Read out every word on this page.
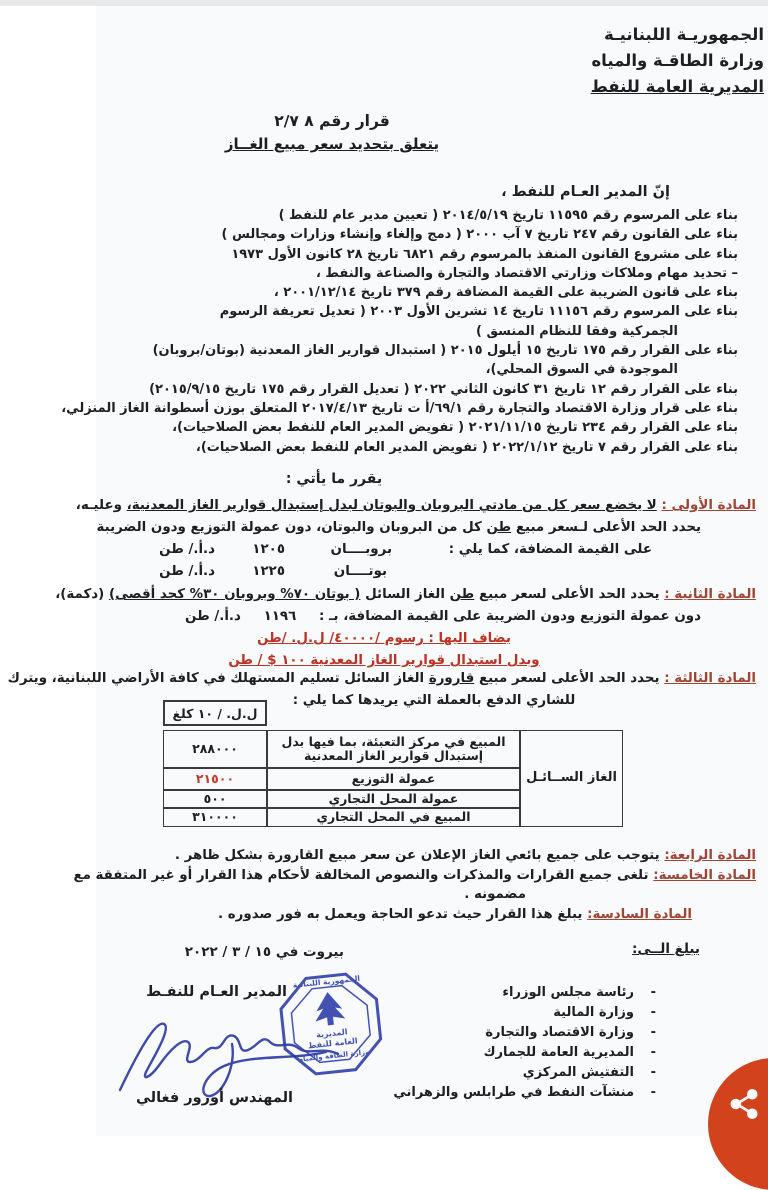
الجمهوريـة اللبنانيـة
وزارة الطاقـة والمياه
المديرية العامة للنفط
قرار رقم ٨ ٢/٧
يتعلق بتحديد سعر مبيع الغــاز
إنّ المدير العـام للنفط ،
بناء على المرسوم رقم ١١٥٩٥ تاريخ ٢٠١٤/٥/١٩ ( تعيين مدير عام للنفط )
بناء على القانون رقم ٢٤٧ تاريخ ٧ آب ٢٠٠٠ ( دمج وإلغاء وإنشاء وزارات ومجالس )
بناء على مشروع القانون المنفذ بالمرسوم رقم ٦٨٢١ تاريخ ٢٨ كانون الأول ١٩٧٣
– تحديد مهام وملاكات وزارتي الاقتصاد والتجارة والصناعة والنفط ،
بناء على قانون الضريبة على القيمة المضافة رقم ٣٧٩ تاريخ ٢٠٠١/١٢/١٤ ،
بناء على المرسوم رقم ١١١٥٦ تاريخ ١٤ تشرين الأول ٢٠٠٣ ( تعديل تعريفة الرسوم
الجمركية وفقا للنظام المنسق )
بناء على القرار رقم ١٧٥ تاريخ ١٥ أيلول ٢٠١٥ ( استبدال قوارير الغاز المعدنية (بوتان/بروبان)
الموجودة في السوق المحلي)،
بناء على القرار رقم ١٢ تاريخ ٣١ كانون الثاني ٢٠٢٢ ( تعديل القرار رقم ١٧٥ تاريخ ٢٠١٥/٩/١٥)
بناء على قرار وزارة الاقتصاد والتجارة رقم ٦٩/١/أ ت تاريخ ٢٠١٧/٤/١٣ المتعلق بوزن أسطوانة الغاز المنزلي،
بناء على القرار رقم ٢٣٤ تاريخ ٢٠٢١/١١/١٥ ( تفويض المدير العام للنفط بعض الصلاحيات)،
بناء على القرار رقم ٧ تاريخ ٢٠٢٢/١/١٢ ( تفويض المدير العام للنفط بعض الصلاحيات)،
يقرر ما يأتي :
المادة الأولى : لا يخضع سعر كل من مادتي البروبان والبوتان لبدل إستبدال قوارير الغاز المعدنية، وعليـه،
يحدد الحد الأعلى لـسعر مبيع طن كل من البروبان والبوتان، دون عمولة التوزيع ودون الضريبة
على القيمة المضافة، كما يلي :
بروبــــان
١٢٠٥
د.أ./ طن
بوتــــان
١٢٢٥
د.أ./ طن
المادة الثانية : يحدد الحد الأعلى لسعر مبيع طن الغاز السائل ( بوتان ٧٠% وبروبان ٣٠% كحد أقصى) (دكمة)،
دون عمولة التوزيع ودون الضريبة على القيمة المضافة، بـ : ١١٩٦ د.أ./ طن
يضاف اليها : رسوم /٤٠٠٠٠/ ل.ل. /طن
وبدل استبدال قوارير الغاز المعدنية ١٠٠ $ / طن
المادة الثالثة : يحدد الحد الأعلى لسعر مبيع قارورة الغاز السائل تسليم المستهلك في كافة الأراضي اللبنانية، ويترك
للشاري الدفع بالعملة التي يريدها كما يلي :
ل.ل. / ١٠ كلغ
الغاز الســائـل
المبيع في مركز التعبئة، بما فيها بدل إستبدال قوارير الغاز المعدنية
٢٨٨٠٠٠
عمولة التوزيع
٢١٥٠٠
عمولة المحل التجاري
٥٠٠
المبيع في المحل التجاري
٣١٠٠٠٠
المادة الرابعة: يتوجب على جميع بائعي الغاز الإعلان عن سعر مبيع القارورة بشكل ظاهر .
المادة الخامسة: تلغى جميع القرارات والمذكرات والنصوص المخالفة لأحكام هذا القرار أو غير المتفقة مع
مضمونه .
المادة السادسة: يبلغ هذا القرار حيث تدعو الحاجة ويعمل به فور صدوره .
بيروت في ١٥ / ٣ / ٢٠٢٢
المدير العـام للنفـط
الجمهورية اللبنانية
المديرية
العامة للنفط
وزارة الطاقة والمياه
المهندس أورور فغالي
يبلغ الــى:
-
رئاسة مجلس الوزراء
-
وزارة المالية
-
وزارة الاقتصاد والتجارة
-
المديرية العامة للجمارك
-
التفتيش المركزي
-
منشآت النفط في طرابلس والزهراني
